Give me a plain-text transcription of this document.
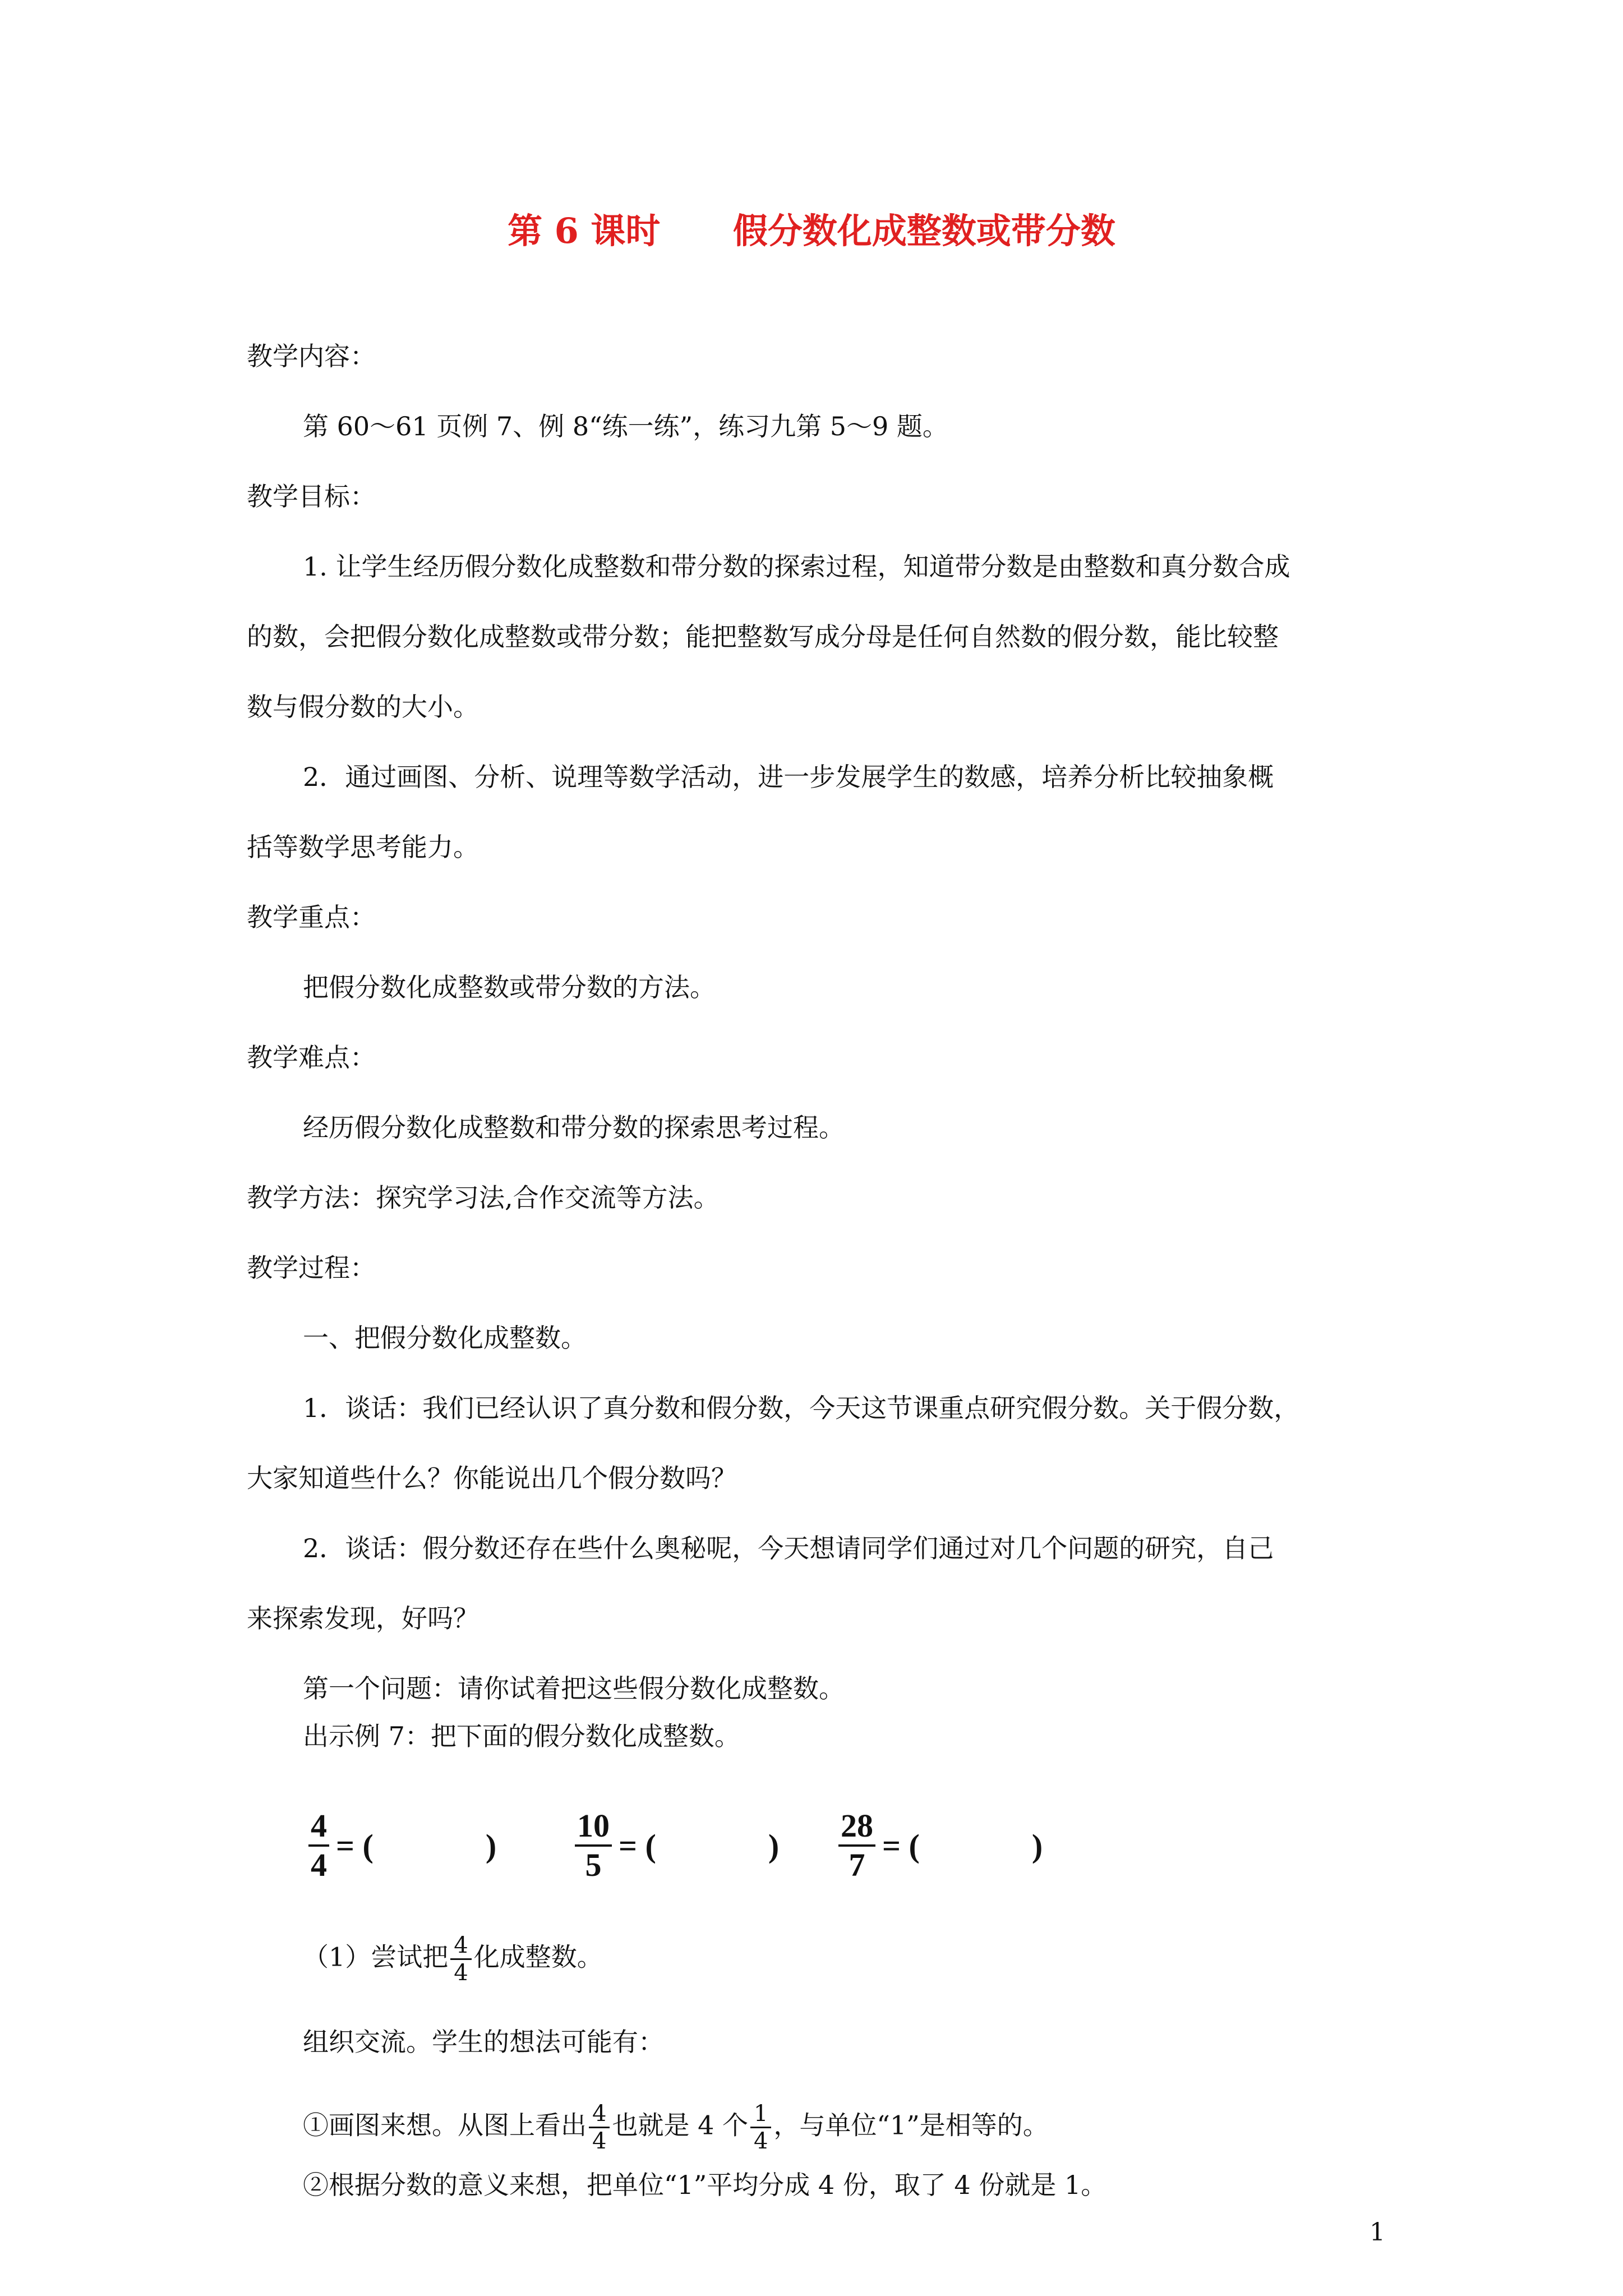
第 6 课时      假分数化成整数或带分数
教学内容：
第 60～61 页例 7、例 8“练一练”，练习九第 5～9 题。
教学目标：
1. 让学生经历假分数化成整数和带分数的探索过程，知道带分数是由整数和真分数合成
的数，会把假分数化成整数或带分数；能把整数写成分母是任何自然数的假分数，能比较整
数与假分数的大小。
2．通过画图、分析、说理等数学活动，进一步发展学生的数感，培养分析比较抽象概
括等数学思考能力。
教学重点：
把假分数化成整数或带分数的方法。
教学难点：
经历假分数化成整数和带分数的探索思考过程。
教学方法：探究学习法,合作交流等方法。
教学过程：
一、把假分数化成整数。
1．谈话：我们已经认识了真分数和假分数，今天这节课重点研究假分数。关于假分数，
大家知道些什么？你能说出几个假分数吗？
2．谈话：假分数还存在些什么奥秘呢，今天想请同学们通过对几个问题的研究，自己
来探索发现，好吗？
第一个问题：请你试着把这些假分数化成整数。
出示例 7：把下面的假分数化成整数。
$\frac{4}{4}$ = (	) $\frac{10}{5}$ = (	) $\frac{28}{7}$ = (	)
（1）尝试把 $\frac{4}{4}$ 化成整数。
组织交流。学生的想法可能有：
①画图来想。从图上看出 $\frac{4}{4}$ 也就是 4 个 $\frac{1}{4}$ ，与单位“1”是相等的。
②根据分数的意义来想，把单位“1”平均分成 4 份，取了 4 份就是 1。
1
